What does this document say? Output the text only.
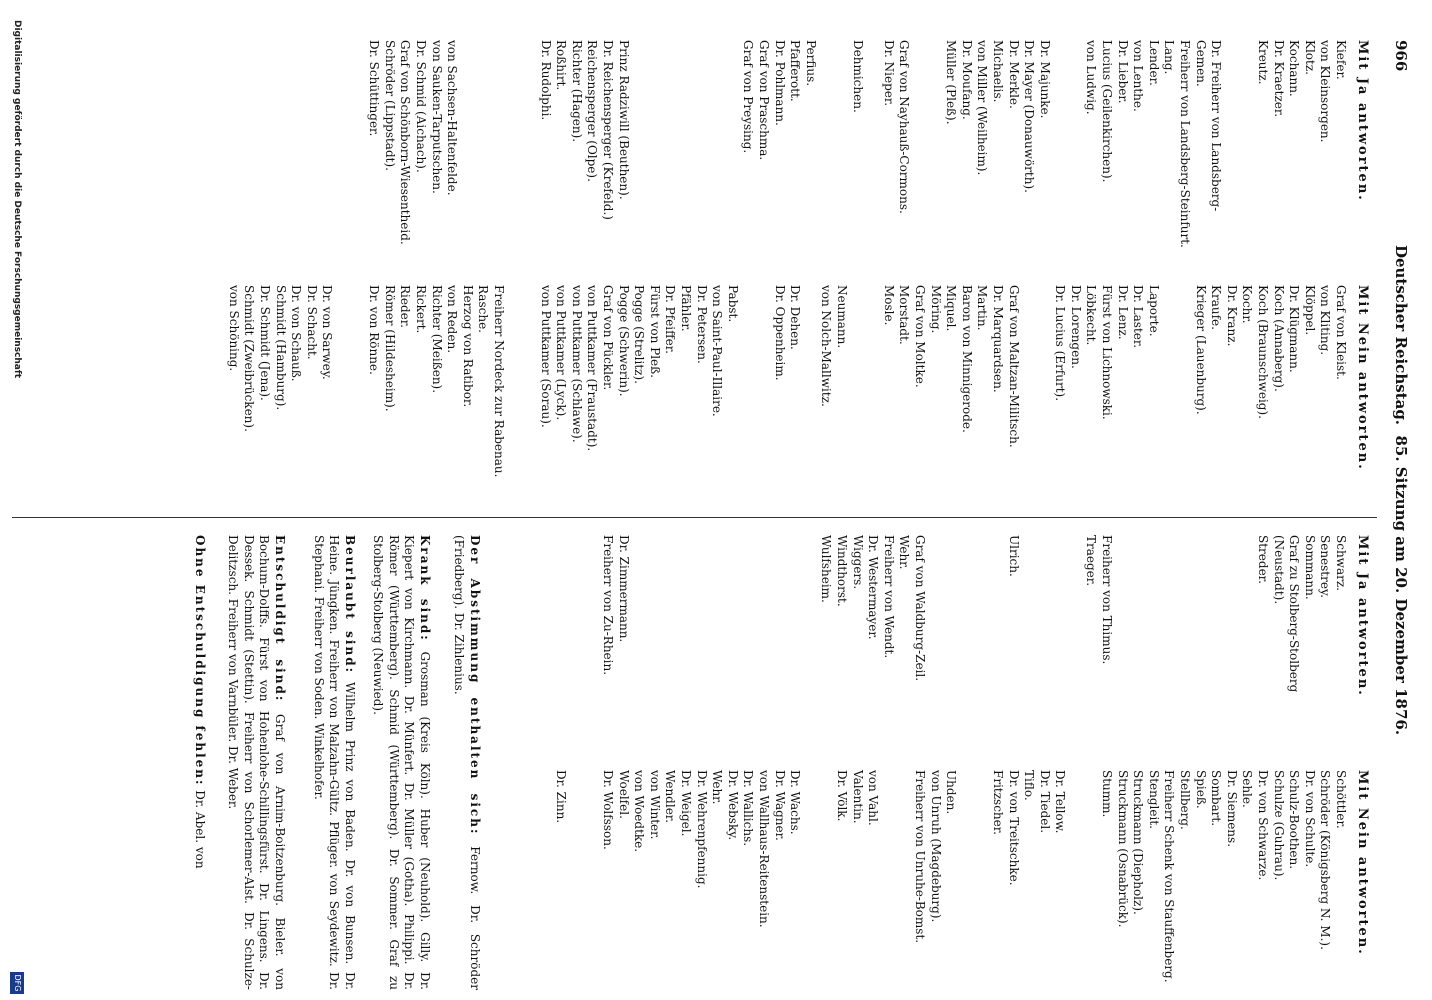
966
Deutscher Reichstag.  85. Sitzung am 20. Dezember 1876.
Mit Ja antworten.
Mit Nein antworten.
Kiefer.
von Kleinsorgen.
Klotz.
Kochann.
Dr. Kraetzer.
Kreutz.

Dr. Freiherr von Landsberg-
Gemen.
Freiherr von Landsberg-Steinfurt.
Lang.
Lender.
von Lenthe.
Dr. Lieber.
Lucius (Geilenkirchen).
von Ludwig.

Dr. Majunke.
Dr. Mayer (Donauwörth).
Dr. Merkle.
Michaelis.
von Miller (Weilheim).
Dr. Moufang.
Müller (Pleß).

Graf von Nayhauß-Cormons.
Dr. Nieper.

Dehmichen.

Perfius.
Pfafferott.
Dr. Pohlmann.
Graf von Praschma.
Graf von Preysing.

Prinz Radziwill (Beuthen).
Dr. Reichensperger (Krefeld.)
Reichensperger (Olpe).
Richter (Hagen).
Roßhirt.
Dr. Rudolphi.

von Sachsen-Haltenfelde.
von Sauken-Tarputschen.
Dr. Schmid (Aichach).
Graf von Schönborn-Wiesentheid.
Schröder (Lippstadt).
Dr. Schüttinger.
Graf von Kleist.
von Kliting.
Klöppel.
Dr. Klügmann.
Koch (Annaberg).
Koch (Braunschweig).
Kochr.
Dr. Kranz.
Kraufe.
Krieger (Lauenburg).

Laporte.
Dr. Laster.
Dr. Lenz.
Fürst von Lichnowski.
Löbkecht.
Dr. Lorengen.
Dr. Lucius (Erfurt).

Graf von Maltzan-Militsch.
Dr. Marquardsen.
Martin.
Baron von Minnigerode.
Miquel.
Möring.
Graf von Moltke.
Morstadt.
Mosle.

Neumann.
von Nolch-Mallwitz.

Dr. Dehen.
Dr. Oppenheim.

Pabst.
von Saint-Paul-Illaire.
Dr. Petersen.
Pfähler.
Dr. Pfeiffer.
Fürst von Pleß.
Pogge (Strelitz).
Pogge (Schwerin).
Graf von Pückler.
von Puttkamer (Fraustadt).
von Puttkamer (Schlawe).
von Puttkamer (Lyck).
von Puttkamer (Sorau).

Freiherr Nordeck zur Rabenau.
Rasche.
Herzog von Ratibor.
von Reden.
Richter (Meißen).
Rickert.
Rieder.
Römer (Hildesheim).
Dr. von Rönne.

Dr. von Sarwey.
Dr. Schacht.
Dr. von Schauß.
Schmidt (Hamburg).
Dr. Schmidt (Jena).
Schmidt (Zweibrücken).
von Schöning.
Mit Ja antworten.
Mit Nein antworten.
Schwarz.
Senestrey.
Sommann.
Graf zu Stolberg-Stolberg
(Neustadt).
Streder.

Freiherr von Thimus.
Traeger.

Ulrich.

Graf von Waldburg-Zeil.
Wehr.
Freiherr von Wendt.
Dr. Westermayer.
Wiggers.
Windthorst.
Wulfsheim.

Dr. Zimmermann.
Freiherr von Zu-Rhein.
Schöttler.
Schröder (Königsberg N. M.).
Dr. von Schulte.
Schulz-Boothen.
Schulze (Guhrau).
Dr. von Schwarze.
Sehle.
Dr. Siemens.
Sombart.
Spieß.
Stellberg.
Freiherr Schenk von Stauffenberg.
Stengleit.
Struckmann (Diepholz).
Struckmann (Osnabrück).
Stumm.

Dr. Tellow.
Dr. Tiedel.
Tiflo.
Dr. von Treitschke.
Fritzscher.

Uhden.
von Unruh (Magdeburg).
Freiherr von Unruhe-Bomst.

von Vahl.
Valentin.
Dr. Völk.

Dr. Wachs.
Dr. Wagner.
von Wallhaus-Reitenstein.
Dr. Wallichs.
Dr. Websky.
Wehr.
Dr. Wehrenpfennig.
Dr. Weigel.
Wendler.
von Winter.
von Woedtke.
Woelfel.
Dr. Wolfsson.

Dr. Zinn.
Der Abstimmung enthalten sich: Fernow. Dr. Schröder (Friedberg). Dr. Zihlenius.
Krank sind: Grosman (Kreis Köln). Huber (Neuhold). Gilly. Dr. Kiepert von Kirchmann. Dr. Münfert. Dr. Müller (Gotha). Philippi. Dr. Römer (Württemberg). Schmid (Württemberg). Dr. Sommer. Graf zu Stolberg-Stolberg (Neuwied).
Beurlaubt sind: Wilhelm Prinz von Baden. Dr. von Bunsen. Dr. Heine. Jüngken. Freiherr von Malzahn-Gültz. Pflüger. von Seydewitz. Dr. Stephani. Freiherr von Soden. Winkelhofer.
Entschuldigt sind: Graf von Arnim-Boitzenburg. Bieler. von Bochum-Dolffs. Fürst von Hohenlohe-Schillingsfürst. Dr. Lingens. Dr. Dessek. Schmidt (Stettin). Freiherr von Schorlemer-Alst. Dr. Schulze-Delitzsch. Freiherr von Varnbüler. Dr. Weber.
Ohne Entschuldigung fehlen: Dr. Abel. von
Digitalisierung gefördert durch die Deutsche Forschungsgemeinschaft
DFG
